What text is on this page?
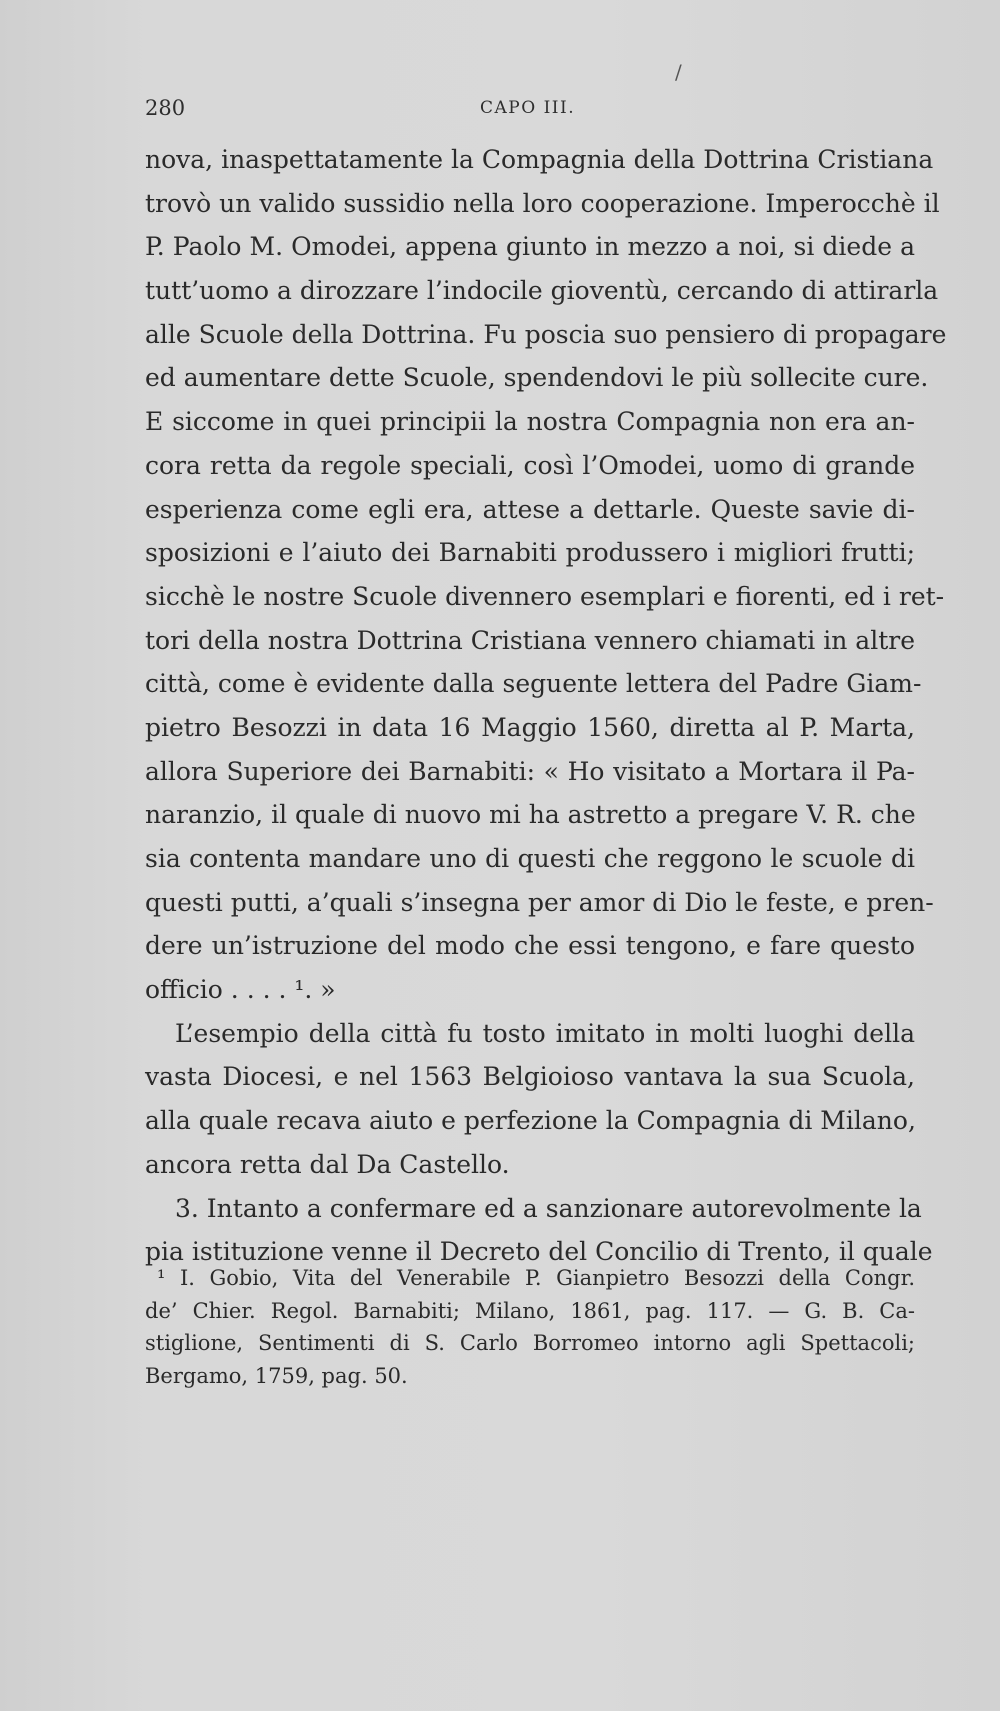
280	CAPO III.
/
nova, inaspettatamente la Compagnia della Dottrina Cristiana
trovò un valido sussidio nella loro cooperazione. Imperocchè il
P. Paolo M. Omodei, appena giunto in mezzo a noi, si diede a
tutt’uomo a dirozzare l’indocile gioventù, cercando di attirarla
alle Scuole della Dottrina. Fu poscia suo pensiero di propagare
ed aumentare dette Scuole, spendendovi le più sollecite cure.
E siccome in quei principii la nostra Compagnia non era an-
cora retta da regole speciali, così l’Omodei, uomo di grande
esperienza come egli era, attese a dettarle. Queste savie di-
sposizioni e l’aiuto dei Barnabiti produssero i migliori frutti;
sicchè le nostre Scuole divennero esemplari e fiorenti, ed i ret-
tori della nostra Dottrina Cristiana vennero chiamati in altre
città, come è evidente dalla seguente lettera del Padre Giam-
pietro Besozzi in data 16 Maggio 1560, diretta al P. Marta,
allora Superiore dei Barnabiti: « Ho visitato a Mortara il Pa-
naranzio, il quale di nuovo mi ha astretto a pregare V. R. che
sia contenta mandare uno di questi che reggono le scuole di
questi putti, a’quali s’insegna per amor di Dio le feste, e pren-
dere un’istruzione del modo che essi tengono, e fare questo
officio . . . . ¹. »
L’esempio della città fu tosto imitato in molti luoghi della
vasta Diocesi, e nel 1563 Belgioioso vantava la sua Scuola,
alla quale recava aiuto e perfezione la Compagnia di Milano,
ancora retta dal Da Castello.
3. Intanto a confermare ed a sanzionare autorevolmente la
pia istituzione venne il Decreto del Concilio di Trento, il quale
¹ I. Gobio, Vita del Venerabile P. Gianpietro Besozzi della Congr.
de’ Chier. Regol. Barnabiti; Milano, 1861, pag. 117. — G. B. Ca-
stiglione, Sentimenti di S. Carlo Borromeo intorno agli Spettacoli;
Bergamo, 1759, pag. 50.
